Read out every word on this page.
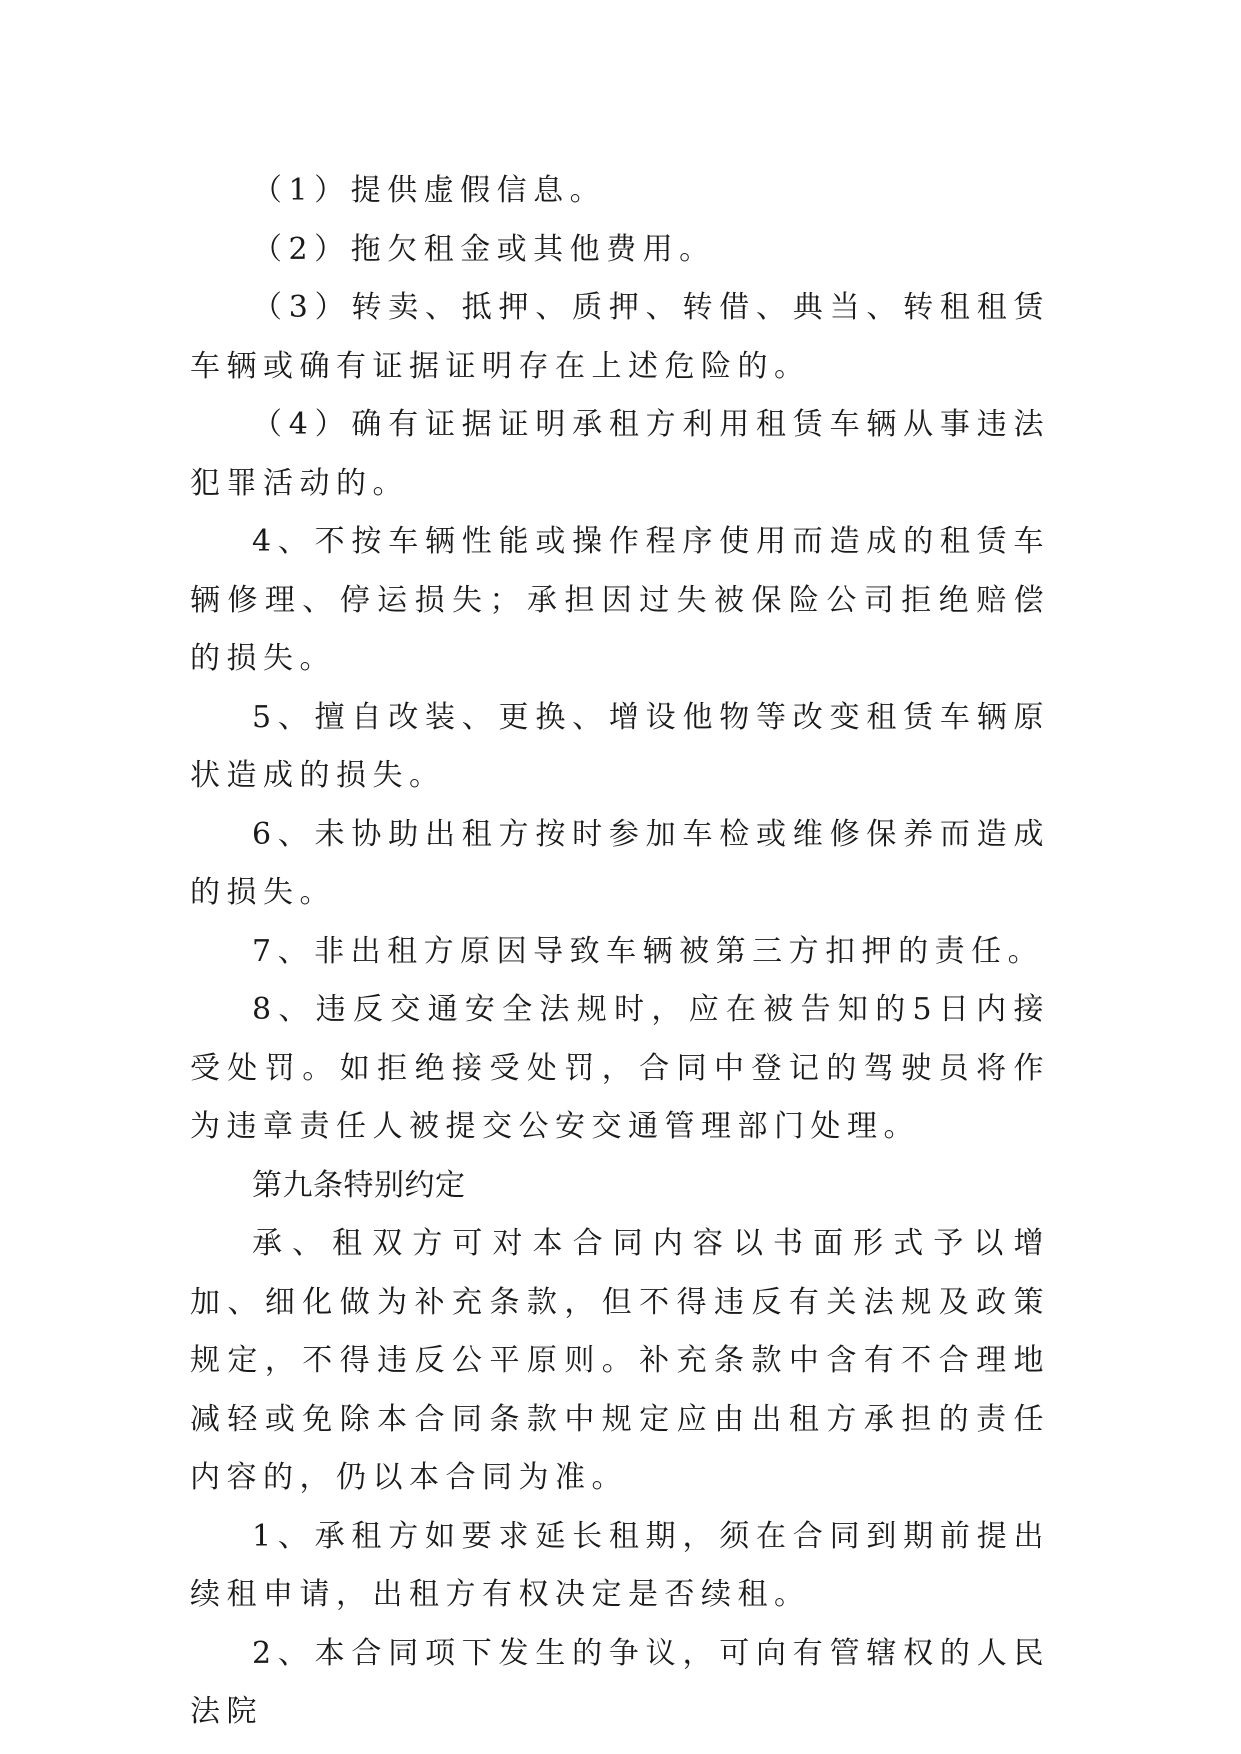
（1）提供虚假信息。

（2）拖欠租金或其他费用。

（3）转卖、抵押、质押、转借、典当、转租租赁车辆或确有证据证明存在上述危险的。

（4）确有证据证明承租方利用租赁车辆从事违法犯罪活动的。

4、不按车辆性能或操作程序使用而造成的租赁车辆修理、停运损失；承担因过失被保险公司拒绝赔偿的损失。

5、擅自改装、更换、增设他物等改变租赁车辆原状造成的损失。

6、未协助出租方按时参加车检或维修保养而造成的损失。

7、非出租方原因导致车辆被第三方扣押的责任。

8、违反交通安全法规时，应在被告知的5日内接受处罚。如拒绝接受处罚，合同中登记的驾驶员将作为违章责任人被提交公安交通管理部门处理。

第九条特别约定

承、租双方可对本合同内容以书面形式予以增加、细化做为补充条款，但不得违反有关法规及政策规定，不得违反公平原则。补充条款中含有不合理地减轻或免除本合同条款中规定应由出租方承担的责任内容的，仍以本合同为准。

1、承租方如要求延长租期，须在合同到期前提出续租申请，出租方有权决定是否续租。

2、本合同项下发生的争议，可向有管辖权的人民法院
